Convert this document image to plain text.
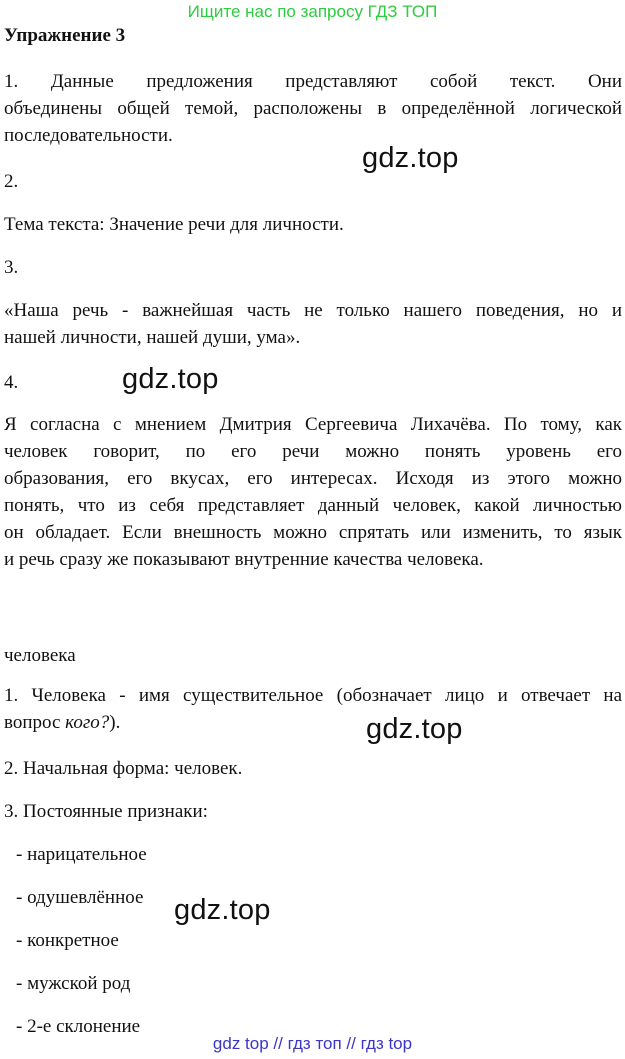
Ищите нас по запросу ГДЗ ТОП
Упражнение 3
1. Данные предложения представляют собой текст. Они
объединены общей темой, расположены в определённой логической
последовательности.
2.
Тема текста: Значение речи для личности.
3.
«Наша речь - важнейшая часть не только нашего поведения, но и
нашей личности, нашей души, ума».
4.
Я согласна с мнением Дмитрия Сергеевича Лихачёва. По тому, как
человек говорит, по его речи можно понять уровень его
образования, его вкусах, его интересах. Исходя из этого можно
понять, что из себя представляет данный человек, какой личностью
он обладает. Если внешность можно спрятать или изменить, то язык
и речь сразу же показывают внутренние качества человека.
человека
1. Человека - имя существительное (обозначает лицо и отвечает на
вопрос кого?).
2. Начальная форма: человек.
3. Постоянные признаки:
- нарицательное
- одушевлённое
- конкретное
- мужской род
- 2-е склонение
gdz.top
gdz.top
gdz.top
gdz.top
gdz top // гдз топ // гдз top
